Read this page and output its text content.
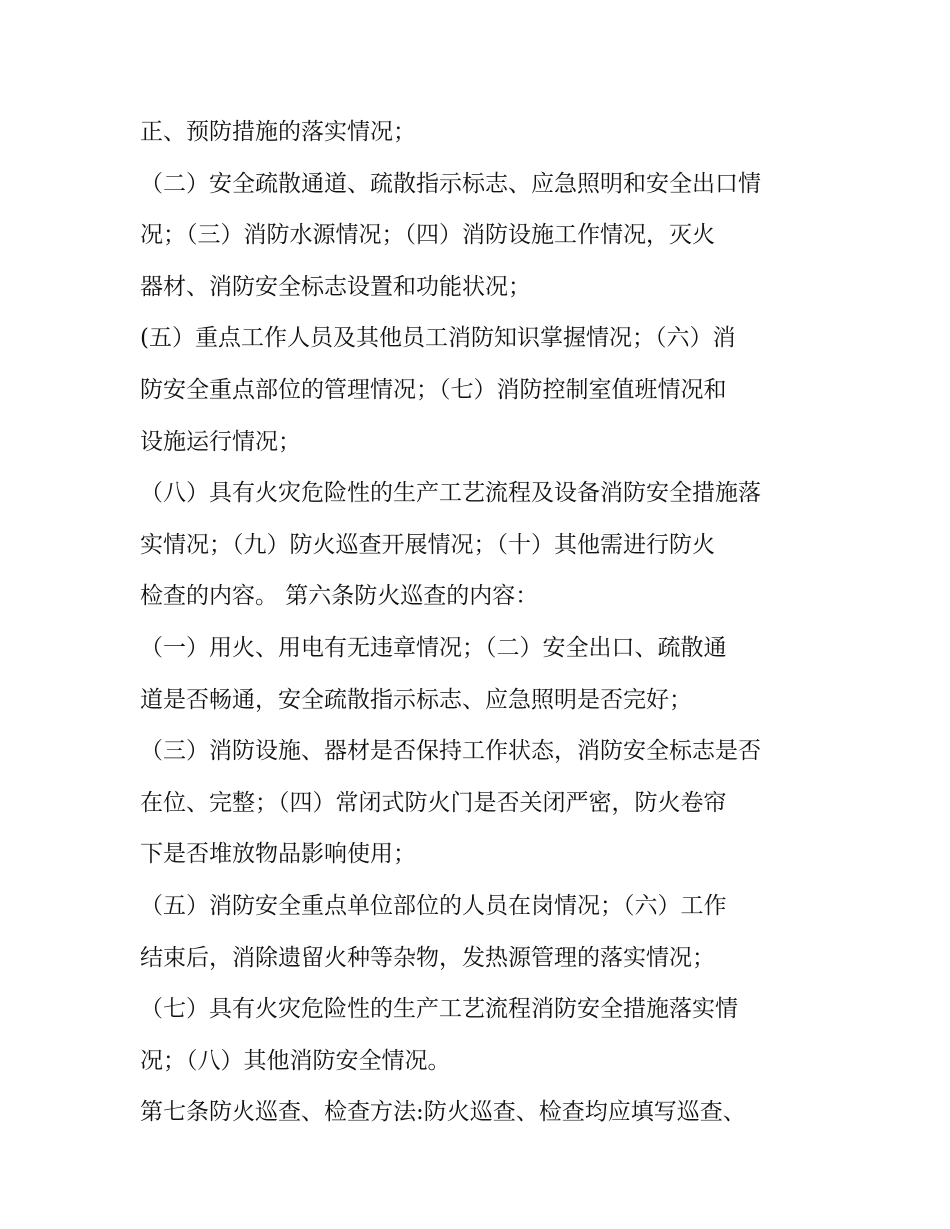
正、预防措施的落实情况；
（二）安全疏散通道、疏散指示标志、应急照明和安全出口情
况；（三）消防水源情况；（四）消防设施工作情况，灭火
器材、消防安全标志设置和功能状况；
(五）重点工作人员及其他员工消防知识掌握情况；（六）消
防安全重点部位的管理情况；（七）消防控制室值班情况和
设施运行情况；
（八）具有火灾危险性的生产工艺流程及设备消防安全措施落
实情况；（九）防火巡查开展情况；（十）其他需进行防火
检查的内容。 第六条防火巡查的内容：
（一）用火、用电有无违章情况；（二）安全出口、疏散通
道是否畅通，安全疏散指示标志、应急照明是否完好；
（三）消防设施、器材是否保持工作状态，消防安全标志是否
在位、完整；（四）常闭式防火门是否关闭严密，防火卷帘
下是否堆放物品影响使用；
（五）消防安全重点单位部位的人员在岗情况；（六）工作
结束后，消除遗留火种等杂物，发热源管理的落实情况；
（七）具有火灾危险性的生产工艺流程消防安全措施落实情
况；（八）其他消防安全情况。
第七条防火巡查、检查方法:防火巡查、检查均应填写巡查、
